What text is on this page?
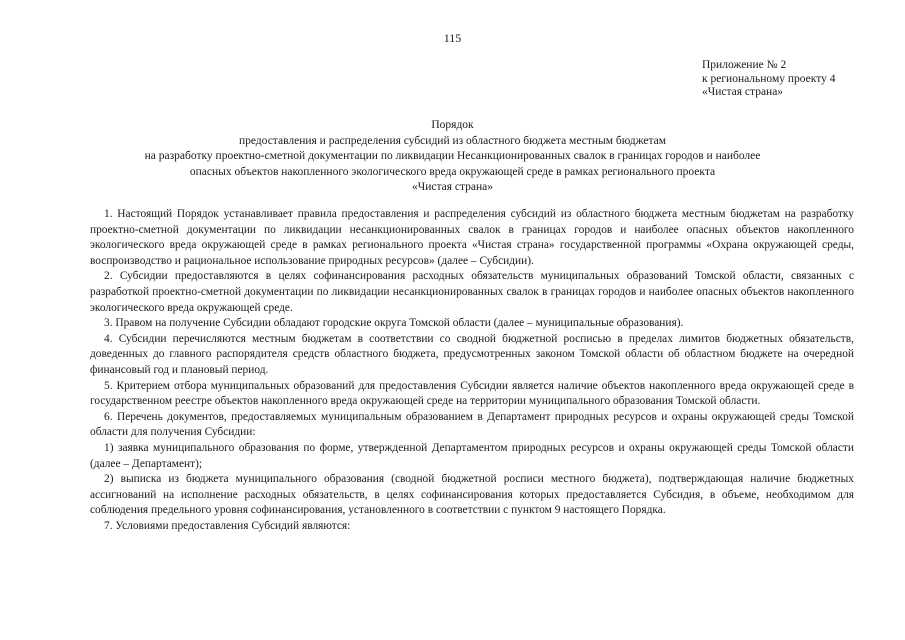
115
Приложение № 2
к региональному проекту 4
«Чистая страна»
Порядок
предоставления и распределения субсидий из областного бюджета местным бюджетам
на разработку проектно-сметной документации по ликвидации Несанкционированных свалок в границах городов и наиболее
опасных объектов накопленного экологического вреда окружающей среде в рамках регионального проекта
«Чистая страна»

1. Настоящий Порядок устанавливает правила предоставления и распределения субсидий из областного бюджета местным бюджетам на разработку проектно-сметной документации по ликвидации несанкционированных свалок в границах городов и наиболее опасных объектов накопленного экологического вреда окружающей среде в рамках регионального проекта «Чистая страна» государственной программы «Охрана окружающей среды, воспроизводство и рациональное использование природных ресурсов» (далее – Субсидии).

2. Субсидии предоставляются в целях софинансирования расходных обязательств муниципальных образований Томской области, связанных с разработкой проектно-сметной документации по ликвидации несанкционированных свалок в границах городов и наиболее опасных объектов накопленного экологического вреда окружающей среде.

3. Правом на получение Субсидии обладают городские округа Томской области (далее – муниципальные образования).

4. Субсидии перечисляются местным бюджетам в соответствии со сводной бюджетной росписью в пределах лимитов бюджетных обязательств, доведенных до главного распорядителя средств областного бюджета, предусмотренных законом Томской области об областном бюджете на очередной финансовый год и плановый период.

5. Критерием отбора муниципальных образований для предоставления Субсидии является наличие объектов накопленного вреда окружающей среде в государственном реестре объектов накопленного вреда окружающей среде на территории муниципального образования Томской области.

6. Перечень документов, предоставляемых муниципальным образованием в Департамент природных ресурсов и охраны окружающей среды Томской области для получения Субсидии:

1) заявка муниципального образования по форме, утвержденной Департаментом природных ресурсов и охраны окружающей среды Томской области (далее – Департамент);

2) выписка из бюджета муниципального образования (сводной бюджетной росписи местного бюджета), подтверждающая наличие бюджетных ассигнований на исполнение расходных обязательств, в целях софинансирования которых предоставляется Субсидия, в объеме, необходимом для соблюдения предельного уровня софинансирования, установленного в соответствии с пунктом 9 настоящего Порядка.

7. Условиями предоставления Субсидий являются:
